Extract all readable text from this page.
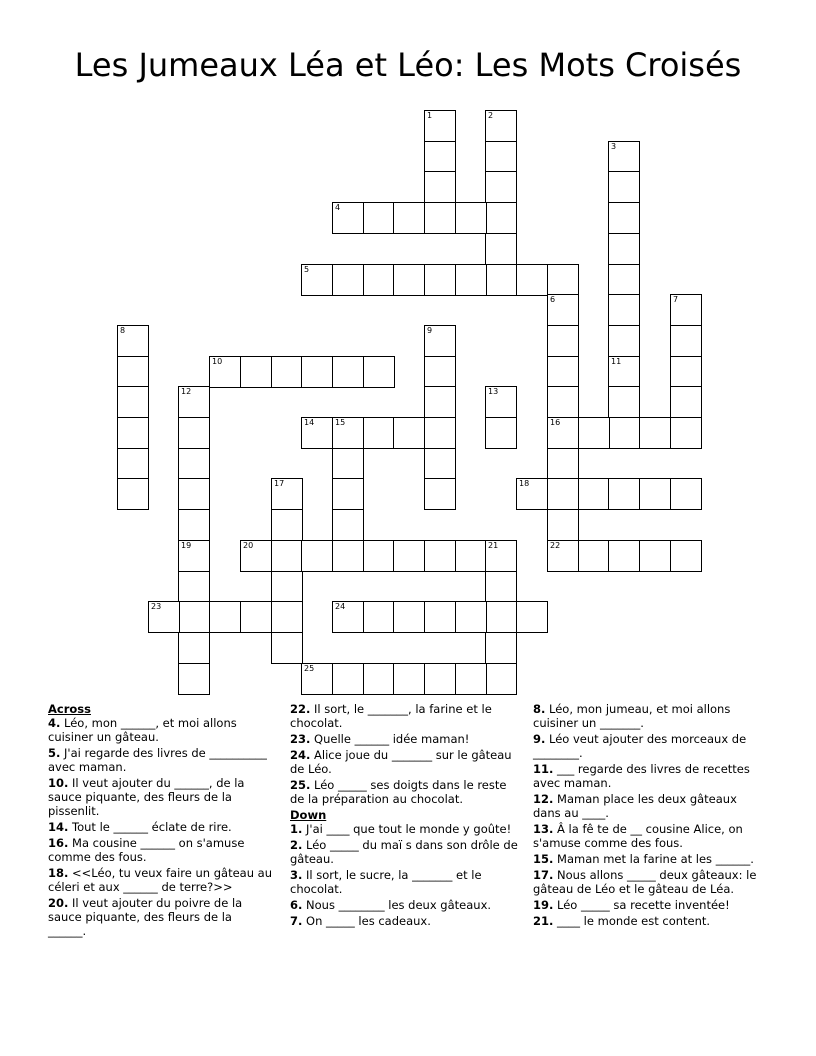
Les Jumeaux Léa et Léo: Les Mots Croisés
1	2
3
4
5
6
16
22
7
8	9
10	11
12
19
13
14	15
17	18
20	21
23	24
25
Across
4. Léo, mon ______, et moi allons cuisiner un gâteau.
5. J'ai regarde des livres de __________ avec maman.
10. Il veut ajouter du ______, de la sauce piquante, des fleurs de la pissenlit.
14. Tout le ______ éclate de rire.
16. Ma cousine ______ on s'amuse comme des fous.
18. <<Léo, tu veux faire un gâteau au céleri et aux ______ de terre?>>
20. Il veut ajouter du poivre de la sauce piquante, des fleurs de la ______.
22. Il sort, le _______, la farine et le chocolat.
23. Quelle ______ idée maman!
24. Alice joue du _______ sur le gâteau de Léo.
25. Léo _____ ses doigts dans le reste de la préparation au chocolat.
Down
1. J'ai ____ que tout le monde y goûte!
2. Léo _____ du maï s dans son drôle de gâteau.
3. Il sort, le sucre, la _______ et le chocolat.
6. Nous ________ les deux gâteaux.
7. On _____ les cadeaux.
8. Léo, mon jumeau, et moi allons cuisiner un _______.
9. Léo veut ajouter des morceaux de ________.
11. ___ regarde des livres de recettes avec maman.
12. Maman place les deux gâteaux dans au ____.
13. Â la fê te de __ cousine Alice, on s'amuse comme des fous.
15. Maman met la farine at les ______.
17. Nous allons _____ deux gâteaux: le gâteau de Léo et le gâteau de Léa.
19. Léo _____ sa recette inventée!
21. ____ le monde est content.
